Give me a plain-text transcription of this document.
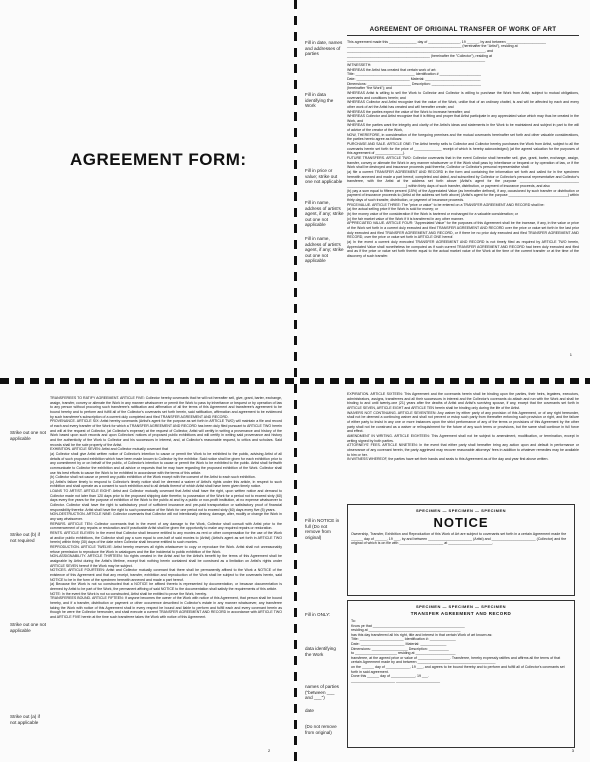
AGREEMENT FORM:
Fill in date, names and addresses of parties
Fill in data identifying the Work
Fill in price or value; strike out one not applicable
Fill in name, address of artist's agent, if any; strike out one not applicable
Fill in name, address of artist's agent, if any; strike out one not applicable
AGREEMENT OF ORIGINAL TRANSFER OF WORK OF ART

This agreement made this ______________ day of ________________, 19 ______, by and between ____________________

__________________________________________________________ (hereinafter the "Artist"), residing at

______________________________________________________________________, and

__________________________________________ (hereinafter the "Collector"), residing at

______________________________________________________________________

WITNESSETH:

WHEREAS the Artist has created that certain work of art:

Title: ______________________________ Identification # _____________________

Date: ___________________________ Material: ____________________________

Dimensions: ______________________ Description: _________________________

(hereinafter "the Work"); and

WHEREAS Artist is willing to sell the Work to Collector and Collector is willing to purchase the Work from Artist, subject to mutual obligations, covenants and conditions herein; and

WHEREAS Collector and Artist recognize that the value of the Work, unlike that of an ordinary chattel, is and will be affected by each and every other work of art the Artist has created and will hereafter create; and

WHEREAS the parties expect the value of the Work to increase hereafter; and

WHEREAS Collector and Artist recognize that it is fitting and proper that Artist participate in any appreciated value which may thus be created in the Work, and

WHEREAS the parties want the integrity and clarity of the Artist's ideas and statements in the Work to be maintained and subject in part to the will of advice of the creator of the Work,

NOW, THEREFORE, in consideration of the foregoing premises and the mutual covenants hereinafter set forth and other valuable considerations, the parties hereto agree as follows:

PURCHASE AND SALE. ARTICLE ONE: The Artist hereby sells to Collector and Collector hereby purchases the Work from Artist, subject to all the covenants herein set forth for the price of ______________ receipt of which is hereby acknowledged) (at the agreed valuation for the purposes of this agreement of ______________).

FUTURE TRANSFERS. ARTICLE TWO: Collector covenants that in the event Collector shall hereafter sell, give, grant, barter, exchange, assign, transfer, convey or alienate the Work in any manner whatsoever or if the Work shall pass by inheritance or bequest or by operation of law, or if the Work shall be destroyed and insurance proceeds paid therefor, Collector or Collector's personal representative shall:

(a) file a current TRANSFER AGREEMENT AND RECORD in the form and containing the information set forth and called for in the specimen herewith annexed and made a part hereof, completed and dated, and subscribed by Collector or Collector's personal representative and Collector's transferee, with the Artist at the address set forth above (Artist's agent for the purpose ______________________________ ______________________________) within thirty days of such transfer, distribution, or payment of insurance proceeds, and also

(b) pay a sum equal to fifteen percent (15%) of the Appreciated Value (as hereinafter defined), if any, occasioned by such transfer or distribution or payment of insurance proceeds to (Artist at the address set forth above) (Artist's agent for the purpose ______________________________) within thirty days of such transfer, distribution, or payment of insurance proceeds.

PRICE/VALUE. ARTICLE THREE: The "price or value" to be entered on a TRANSFER AGREEMENT AND RECORD shall be:

(a) the actual selling price if the Work is sold for money; or

(b) the money value of the consideration if the Work is bartered or exchanged for a valuable consideration; or

(c) the fair market value of the Work if it is transferred in any other manner.

APPRECIATED VALUE. ARTICLE FOUR: "Appreciated Value" for the purposes of this Agreement shall be the increase, if any, in the value or price of the Work set forth in a current duly executed and filed TRANSFER AGREEMENT AND RECORD over the price or value set forth in the last prior duly executed and filed TRANSFER AGREEMENT AND RECORD, or if there be no prior duly executed and filed TRANSFER AGREEMENT AND RECORD, over the price or value set forth in ARTICLE ONE hereof.

(a) In the event a current duly executed TRANSFER AGREEMENT AND RECORD is not timely filed as required by ARTICLE TWO herein, Appreciated Value shall nonetheless be computed as if such current TRANSFER AGREEMENT AND RECORD had been duly executed and filed and as if the price or value set forth therein equal to the actual market value of the Work at the time of the current transfer or at the time of the discovery of such transfer.

1
Strike out one not applicable
Strike out (b) if not required
Strike out one not applicable
Strike out (a) if not applicable

TRANSFEREES TO RATIFY AGREEMENT. ARTICLE FIVE: Collector hereby covenants that he will not hereafter sell, give, grant, barter, exchange, assign, transfer, convey or alienate the Work in any manner whatsoever or permit the Work to pass by inheritance or bequest or by operation of law to any person without procuring such transferee's ratification and affirmation of all the terms of this Agreement and transferee's agreement to be bound hereby and to perform and fulfill all of the Collector's covenants set forth herein, said ratification, affirmation and agreement to be evidenced by such transferee's subscription of a current duly completed and filed TRANSFER AGREEMENT AND RECORD.

PROVENANCE. ARTICLE SIX: Artist hereby covenants (Artist's agent for the purpose as set forth in ARTICLE TWO) will maintain a file and record of each and every transfer of the Work for which a TRANSFER AGREEMENT AND RECORD has been duly filed pursuant to ARTICLE TWO herein and will at the request of Collector, (at Collector's expense) at the request of Collector, Artist will certify in writing a provenance and history of the Work based upon such records and upon Collectors' notices of proposed public exhibitions and will certify in writing said provenance and history and the authenticity of the Work to Collector and his successors in interest, and, at Collector's reasonable request, to critics and scholars. Said records shall be the sole property of the Artist.

EXHIBITION. ARTICLE SEVEN: Artist and Collector mutually covenant that

(a) Collector shall give Artist written notice of Collector's intention to cause or permit the Work to be exhibited to the public, advising Artist of all details of such proposed exhibition which have been made known to Collector by the exhibitor. Said notice shall be given for each exhibition prior to any commitment by or on behalf of the public, of Collector's intention to cause or permit the Work to be exhibited to the public. Artist shall forthwith communicate to Collector the exhibition and all advice or requests that he may have regarding the proposed exhibition of the Work. Collector shall use his best efforts to cause the Work to be exhibited in accordance with the terms of this article.

(b) Collector shall not cause or permit any public exhibition of the Work except with the consent of the Artist to each such exhibition.

(c) Artist's failure timely to respond to Collector's timely notice shall be deemed a waiver of Artist's rights under this article, in respect to such exhibition and shall operate as a consent to such exhibition and to all details thereof of which Artist shall have been given timely notice.

LOANS TO ARTIST. ARTICLE EIGHT: Artist and Collector mutually covenant that Artist shall have the right, upon written notice and demand to Collector made not later than 120 days prior to the proposed shipping date therefor, to possession of the Work for a period not to exceed sixty (60) days every five years for the purpose of exhibition of the Work to the public at and by a public or non-profit institution, at no expense whatsoever to Collector. Collector shall have the right to satisfactory proof of sufficient insurance and pre-paid transportation or satisfactory proof of financial responsibility therefor. Artist shall have the right to such possession of the Work for one period not to exceed sixty (60) days every five (5) years.

NON-DESTRUCTION. ARTICLE NINE: Collector covenants that Collector will not intentionally destroy, damage, alter, modify or change the Work in any way whatsoever.

REPAIRS. ARTICLE TEN: Collector covenants that in the event of any damage to the Work, Collector shall consult with Artist prior to the commencement of any repairs or restoration and if practicable Artist shall be given the opportunity to make any required repairs or restoration.

RENTS. ARTICLE ELEVEN: In the event that Collector shall become entitled to any monies as rent or other compensation for the use of the Work at and/or public exhibitions, the Collector shall pay a sum equal to one-half of said monies to (Artist) (Artist's agent as set forth in ARTICLE TWO herein) within thirty (30) days of the date when Collector shall become entitled to such monies.

REPRODUCTION. ARTICLE TWELVE: Artist hereby reserves all rights whatsoever to copy or reproduce the Work. Artist shall not unreasonably refuse permission to reproduce the Work in catalogues and the like incidental to public exhibition of the Work.

NON-ASSIGNABILITY. ARTICLE THIRTEEN: No rights created in the Artist and for the Artist's benefit by the terms of this Agreement shall be assignable by Artist during the Artist's lifetime, except that nothing herein contained shall be construed as a limitation on Artist's rights under ARTICLE SEVEN hereof if the Work may be subject.

NOTICES. ARTICLE FOURTEEN: Artist and Collector mutually covenant that there shall be permanently affixed to the Work a NOTICE of the existence of this Agreement and that any receipt, transfer, exhibition and reproduction of the Work shall be subject to the covenants herein, said NOTICE to be in the form of the specimen herewith annexed and made a part hereof.

(a) Because the Work is not so constructed that a NOTICE be affixed thereto is represented by documentation, or because documentation is deemed by Artist to be part of the Work, the permanent affixing of said NOTICE to the documentation shall satisfy the requirements of this article.

NOTE: In the event the Work is not so constructed, Artist shall be entitled to prove the Work, hereby.

TRANSFEREES BOUND. ARTICLE FIFTEEN: If anyone becomes the owner of the Work with notice of this Agreement, that person shall be bound hereby, and if a transfer, distribution or payment or other occurrence described in Collector's estate in any manner whatsoever, any transferee taking the Work with notice of this Agreement shall in every respect be bound and liable to perform and fulfill each and every covenant herein as though he were the Collector hereunder, and shall execute a current TRANSFER AGREEMENT AND RECORD in accordance with ARTICLE TWO and ARTICLE FIVE herein at the time such transferee takes the Work with notice of this Agreement.

2
Fill in NOTICE in full (Do not remove from original)
Fill in ONLY:
data identifying the Work
names of parties ("between ___ and ___")
date
(Do not remove from original)

EXPIRATION. ARTICLE SIXTEEN: This Agreement and the covenants herein shall be binding upon the parties, their heirs, legatees, executors, administrators, assigns, transferees and all their successors in interest and the Collector's covenants do attach and run with the Work and shall be binding to and until twenty-one (21) years after the deaths of Artist and Artist's surviving spouse, if any, except that the covenants set forth in ARTICLE SEVEN, ARTICLE EIGHT and ARTICLE TEN herein shall be binding only during the life of the Artist.

WAIVERS NOT CONTINUING. ARTICLE SEVENTEEN: Any waiver by either party of any provision of this Agreement, or of any right hereunder, shall not be deemed a continuing waiver and shall not prevent or estop such party from thereafter enforcing such provision or right, and the failure of either party to insist in any one or more instances upon the strict performance of any of the terms or provisions of this Agreement by the other party shall not be construed as a waiver or relinquishment for the future of any such terms or provisions, but the same shall continue in full force and effect.

AMENDMENT IN WRITING. ARTICLE EIGHTEEN: This Agreement shall not be subject to amendment, modification, or termination, except in writing signed by both parties.

ATTORNEYS' FEES. ARTICLE NINETEEN: In the event that either party shall hereafter bring any action upon and default in performance or observance of any covenant herein, the party aggrieved may recover reasonable attorneys' fees in addition to whatever remedies may be available to him or her.

IN WITNESS WHEREOF, the parties have set their hands and seals to this Agreement as of the day and year first above written.

SPECIMEN — SPECIMEN — SPECIMEN
NOTICE
Ownership, Transfer, Exhibition and Reproduction of this Work of Art are subject to covenants set forth in a certain Agreement made the ______ day of ______, 19 ___, by and between ______________________ (Artist) and ______________________ (Collector) and the original of which is on file with ______________________ at ______________________.
SPECIMEN — SPECIMEN — SPECIMEN
TRANSFER AGREEMENT AND RECORD
To:
Know ye that ______________________________________________
residing at ______________________________________________
has this day transferred all his right, title and interest in that certain Work of art known as:
Title: ______________________ Identification #: _____________
Date: ______________________ Material: _____________
Dimensions: __________________ Description: __________
to _____________________ residing at ____________________
transferee, at the agreed price or value of ________________. Transferee, hereby expressly ratifies and affirms all the terms of that certain Agreement made by and between _______________________________________
on the ______ day of ____________, 19 ___, and agrees to be bound thereby and to perform and fulfill all of Collector's covenants set forth in said agreement.
Done this ______ day of ____________, 19 ___.
______________________ ______________________
3
